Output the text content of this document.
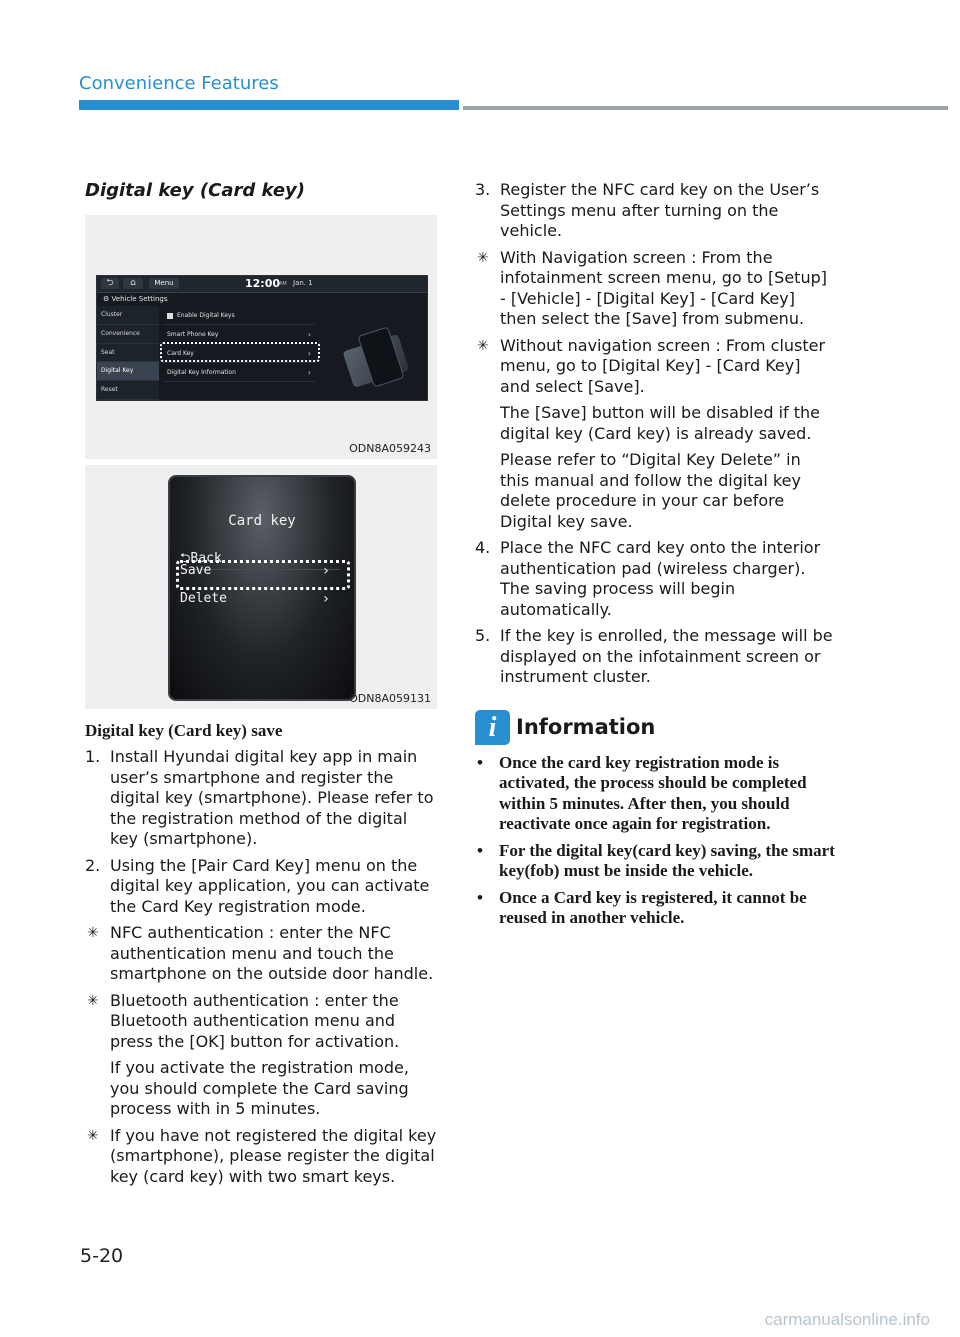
Convenience Features
Digital key (Card key)
⮌	⌂	Menu	12:00
AM Jan. 1
⚙ Vehicle Settings
Cluster
Convenience
Seat
Digital Key
Reset
Enable Digital Keys
Smart Phone Key	›
Card Key	›
Digital Key Information	›
ODN8A059243
Card key
⮌Back
Save	›
Delete	›
ODN8A059131
Digital key (Card key) save
1. Install Hyundai digital key app in main user’s smartphone and register the digital key (smartphone). Please refer to the registration method of the digital key (smartphone).
2. Using the [Pair Card Key] menu on the digital key application, you can activate the Card Key registration mode.
✳ NFC authentication : enter the NFC authentication menu and touch the smartphone on the outside door handle.
✳ Bluetooth authentication : enter the Bluetooth authentication menu and press the [OK] button for activation.
If you activate the registration mode, you should complete the Card saving process with in 5 minutes.
✳ If you have not registered the digital key (smartphone), please register the digital key (card key) with two smart keys.
3. Register the NFC card key on the User’s Settings menu after turning on the vehicle.
✳ With Navigation screen : From the infotainment screen menu, go to [Setup] - [Vehicle] - [Digital Key] - [Card Key] then select the [Save] from submenu.
✳ Without navigation screen : From cluster menu, go to [Digital Key] - [Card Key] and select [Save].
The [Save] button will be disabled if the digital key (Card key) is already saved.
Please refer to “Digital Key Delete” in this manual and follow the digital key delete procedure in your car before Digital key save.
4. Place the NFC card key onto the interior authentication pad (wireless charger). The saving process will begin automatically.
5. If the key is enrolled, the message will be displayed on the infotainment screen or instrument cluster.
i Information
• Once the card key registration mode is activated, the process should be completed within 5 minutes. After then, you should reactivate once again for registration.
• For the digital key(card key) saving, the smart key(fob) must be inside the vehicle.
• Once a Card key is registered, it cannot be reused in another vehicle.
5-20
carmanualsonline.info
